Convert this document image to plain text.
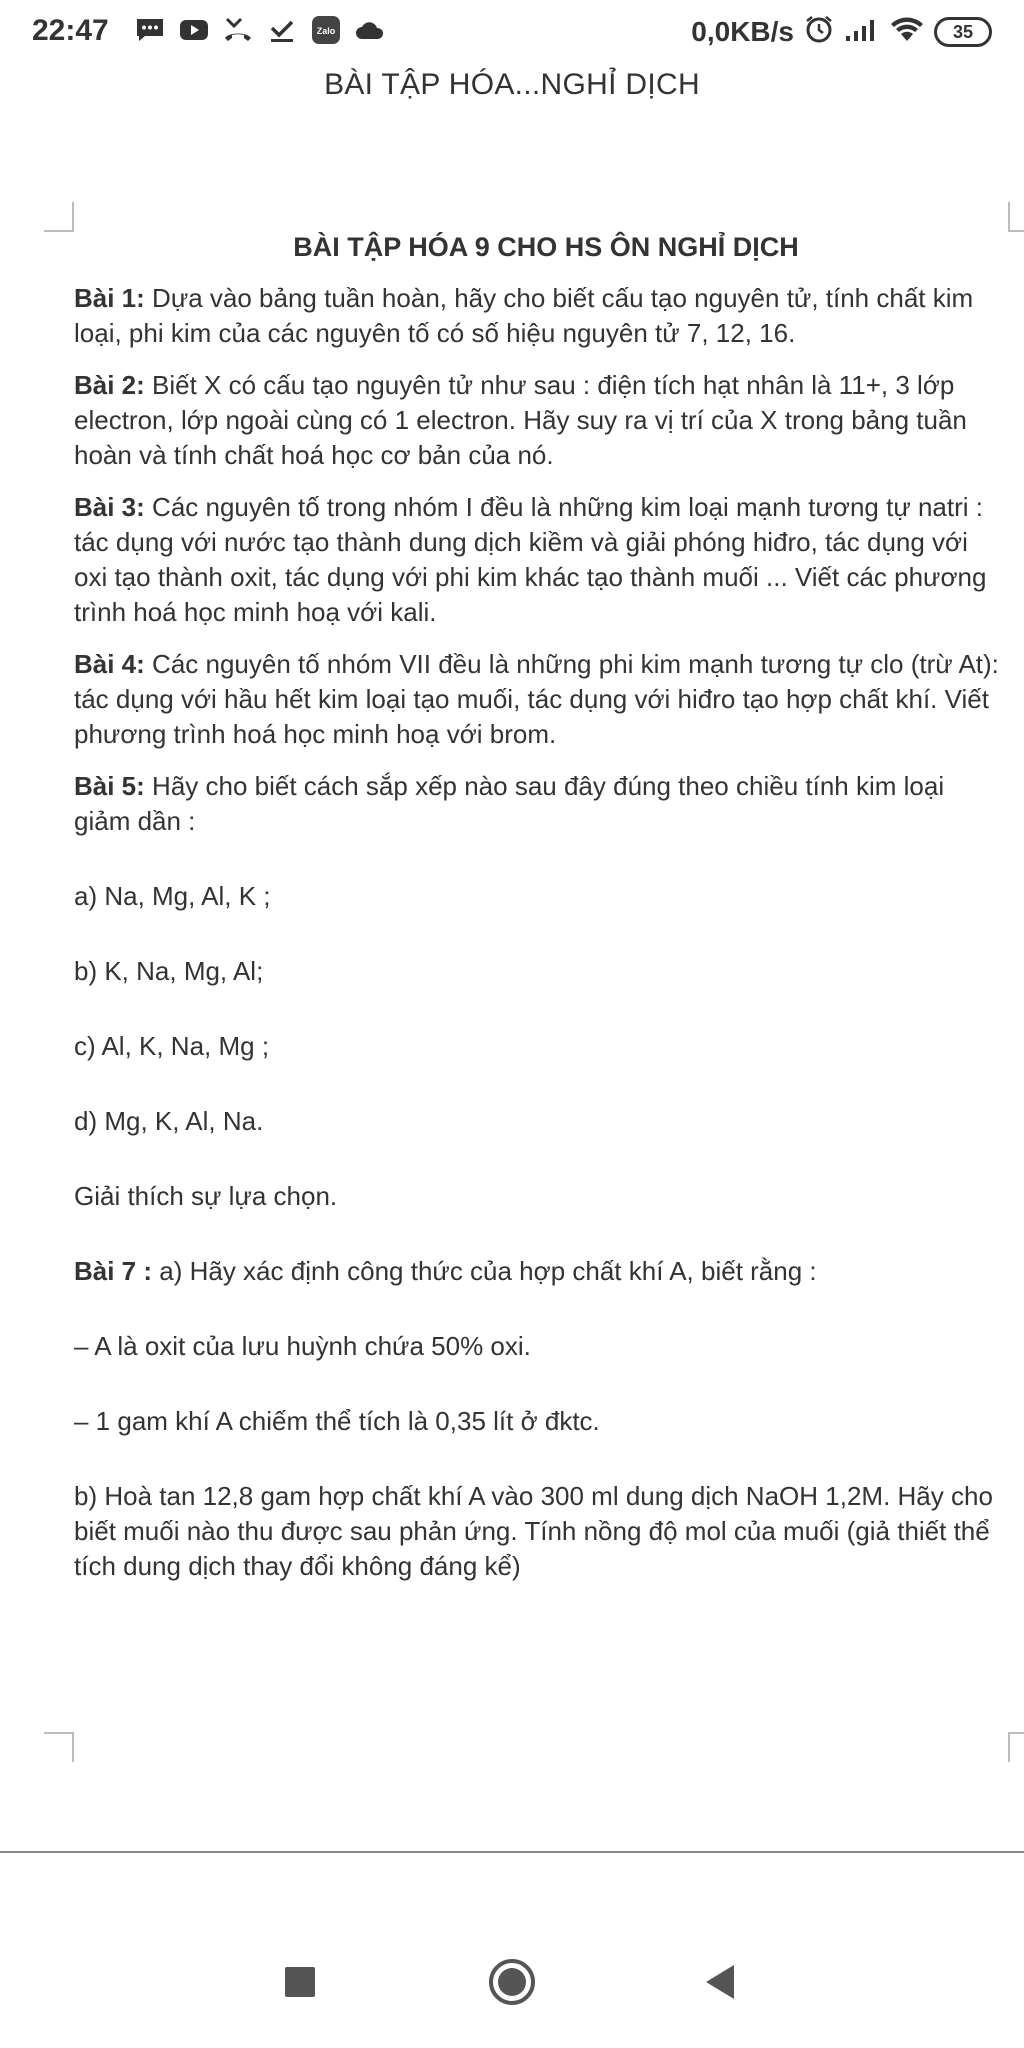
22:47	Zalo	0,0KB/s	35
BÀI TẬP HÓA...NGHỈ DỊCH
BÀI TẬP HÓA 9 CHO HS ÔN NGHỈ DỊCH

Bài 1: Dựa vào bảng tuần hoàn, hãy cho biết cấu tạo nguyên tử, tính chất kim loại, phi kim của các nguyên tố có số hiệu nguyên tử 7, 12, 16.

Bài 2: Biết X có cấu tạo nguyên tử như sau : điện tích hạt nhân là 11+, 3 lớp electron, lớp ngoài cùng có 1 electron. Hãy suy ra vị trí của X trong bảng tuần hoàn và tính chất hoá học cơ bản của nó.

Bài 3: Các nguyên tố trong nhóm I đều là những kim loại mạnh tương tự natri : tác dụng với nước tạo thành dung dịch kiềm và giải phóng hiđro, tác dụng với oxi tạo thành oxit, tác dụng với phi kim khác tạo thành muối ... Viết các phương trình hoá học minh hoạ với kali.

Bài 4: Các nguyên tố nhóm VII đều là những phi kim mạnh tương tự clo (trừ At): tác dụng với hầu hết kim loại tạo muối, tác dụng với hiđro tạo hợp chất khí. Viết phương trình hoá học minh hoạ với brom.

Bài 5: Hãy cho biết cách sắp xếp nào sau đây đúng theo chiều tính kim loại giảm dần :

a) Na, Mg, Al, K ;
b) K, Na, Mg, Al;
c) Al, K, Na, Mg ;
d) Mg, K, Al, Na.
Giải thích sự lựa chọn.
Bài 7 : a) Hãy xác định công thức của hợp chất khí A, biết rằng :
– A là oxit của lưu huỳnh chứa 50% oxi.
– 1 gam khí A chiếm thể tích là 0,35 lít ở đktc.
b) Hoà tan 12,8 gam hợp chất khí A vào 300 ml dung dịch NaOH 1,2M. Hãy cho biết muối nào thu được sau phản ứng. Tính nồng độ mol của muối (giả thiết thể tích dung dịch thay đổi không đáng kể)
